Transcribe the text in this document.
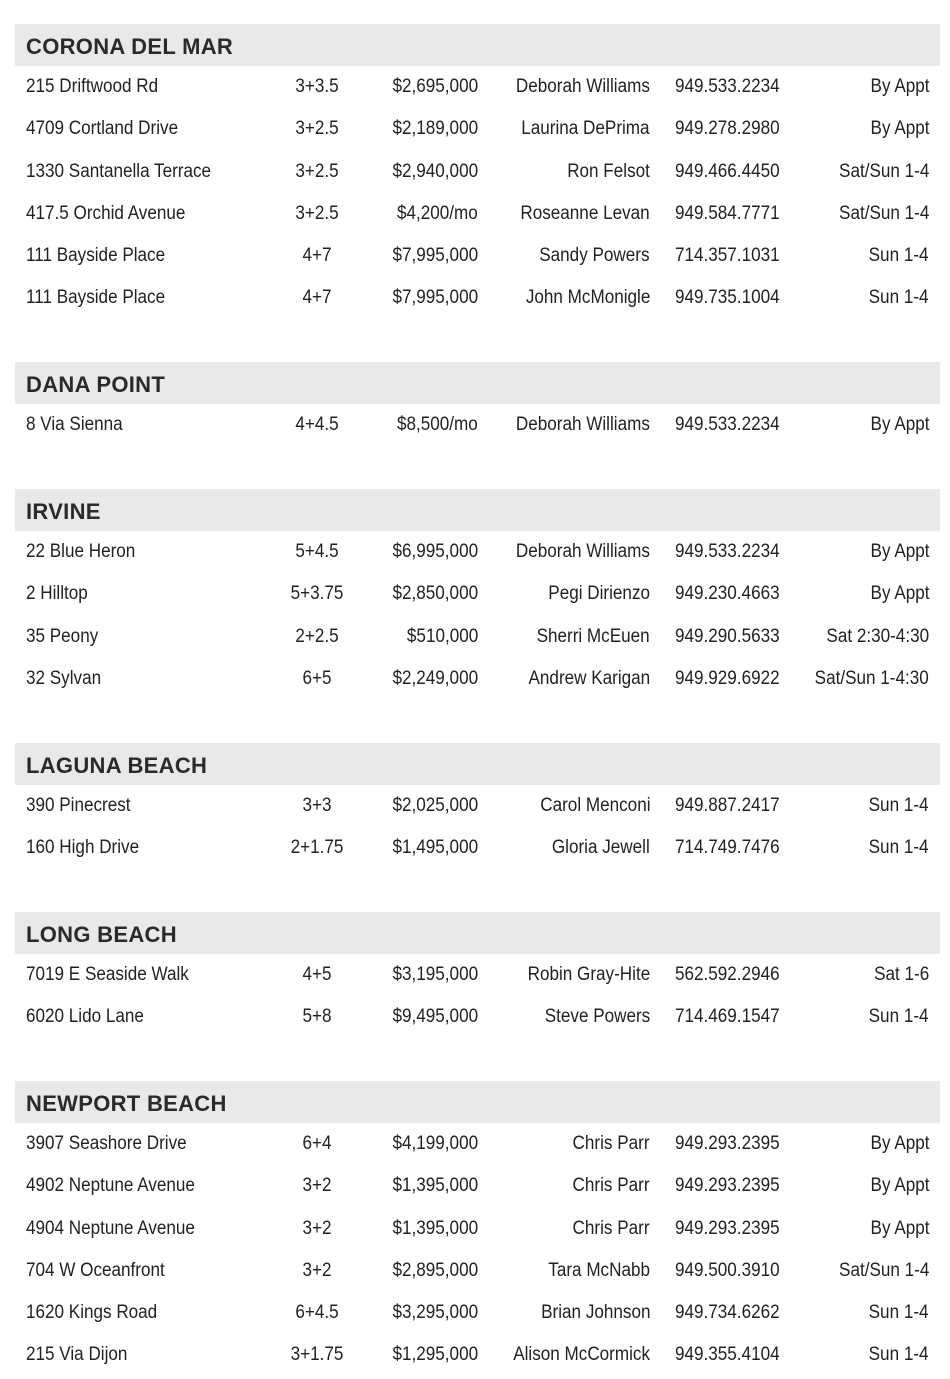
CORONA DEL MAR
215 Driftwood Rd	3+3.5	$2,695,000 Deborah Williams 949.533.2234	By Appt
4709 Cortland Drive	3+2.5	$2,189,000 Laurina DePrima 949.278.2980	By Appt
1330 Santanella Terrace	3+2.5	$2,940,000	Ron Felsot 949.466.4450	Sat/Sun 1-4
417.5 Orchid Avenue	3+2.5	$4,200/mo Roseanne Levan 949.584.7771	Sat/Sun 1-4
111 Bayside Place	4+7	$7,995,000	Sandy Powers 714.357.1031	Sun 1-4
111 Bayside Place	4+7	$7,995,000 John McMonigle 949.735.1004	Sun 1-4
DANA POINT
8 Via Sienna	4+4.5	$8,500/mo Deborah Williams 949.533.2234	By Appt
IRVINE
22 Blue Heron	5+4.5	$6,995,000 Deborah Williams 949.533.2234	By Appt
2 Hilltop	5+3.75	$2,850,000	Pegi Dirienzo 949.230.4663	By Appt
35 Peony	2+2.5	$510,000	Sherri McEuen 949.290.5633 Sat 2:30-4:30
32 Sylvan	6+5	$2,249,000	Andrew Karigan 949.929.6922 Sat/Sun 1-4:30
LAGUNA BEACH
390 Pinecrest	3+3	$2,025,000	Carol Menconi 949.887.2417	Sun 1-4
160 High Drive	2+1.75	$1,495,000	Gloria Jewell 714.749.7476	Sun 1-4
LONG BEACH
7019 E Seaside Walk	4+5	$3,195,000	Robin Gray-Hite 562.592.2946	Sat 1-6
6020 Lido Lane	5+8	$9,495,000	Steve Powers 714.469.1547	Sun 1-4
NEWPORT BEACH
3907 Seashore Drive	6+4	$4,199,000	Chris Parr 949.293.2395	By Appt
4902 Neptune Avenue	3+2	$1,395,000	Chris Parr 949.293.2395	By Appt
4904 Neptune Avenue	3+2	$1,395,000	Chris Parr 949.293.2395	By Appt
704 W Oceanfront	3+2	$2,895,000	Tara McNabb 949.500.3910	Sat/Sun 1-4
1620 Kings Road	6+4.5	$3,295,000	Brian Johnson 949.734.6262	Sun 1-4
215 Via Dijon	3+1.75	$1,295,000 Alison McCormick 949.355.4104	Sun 1-4
